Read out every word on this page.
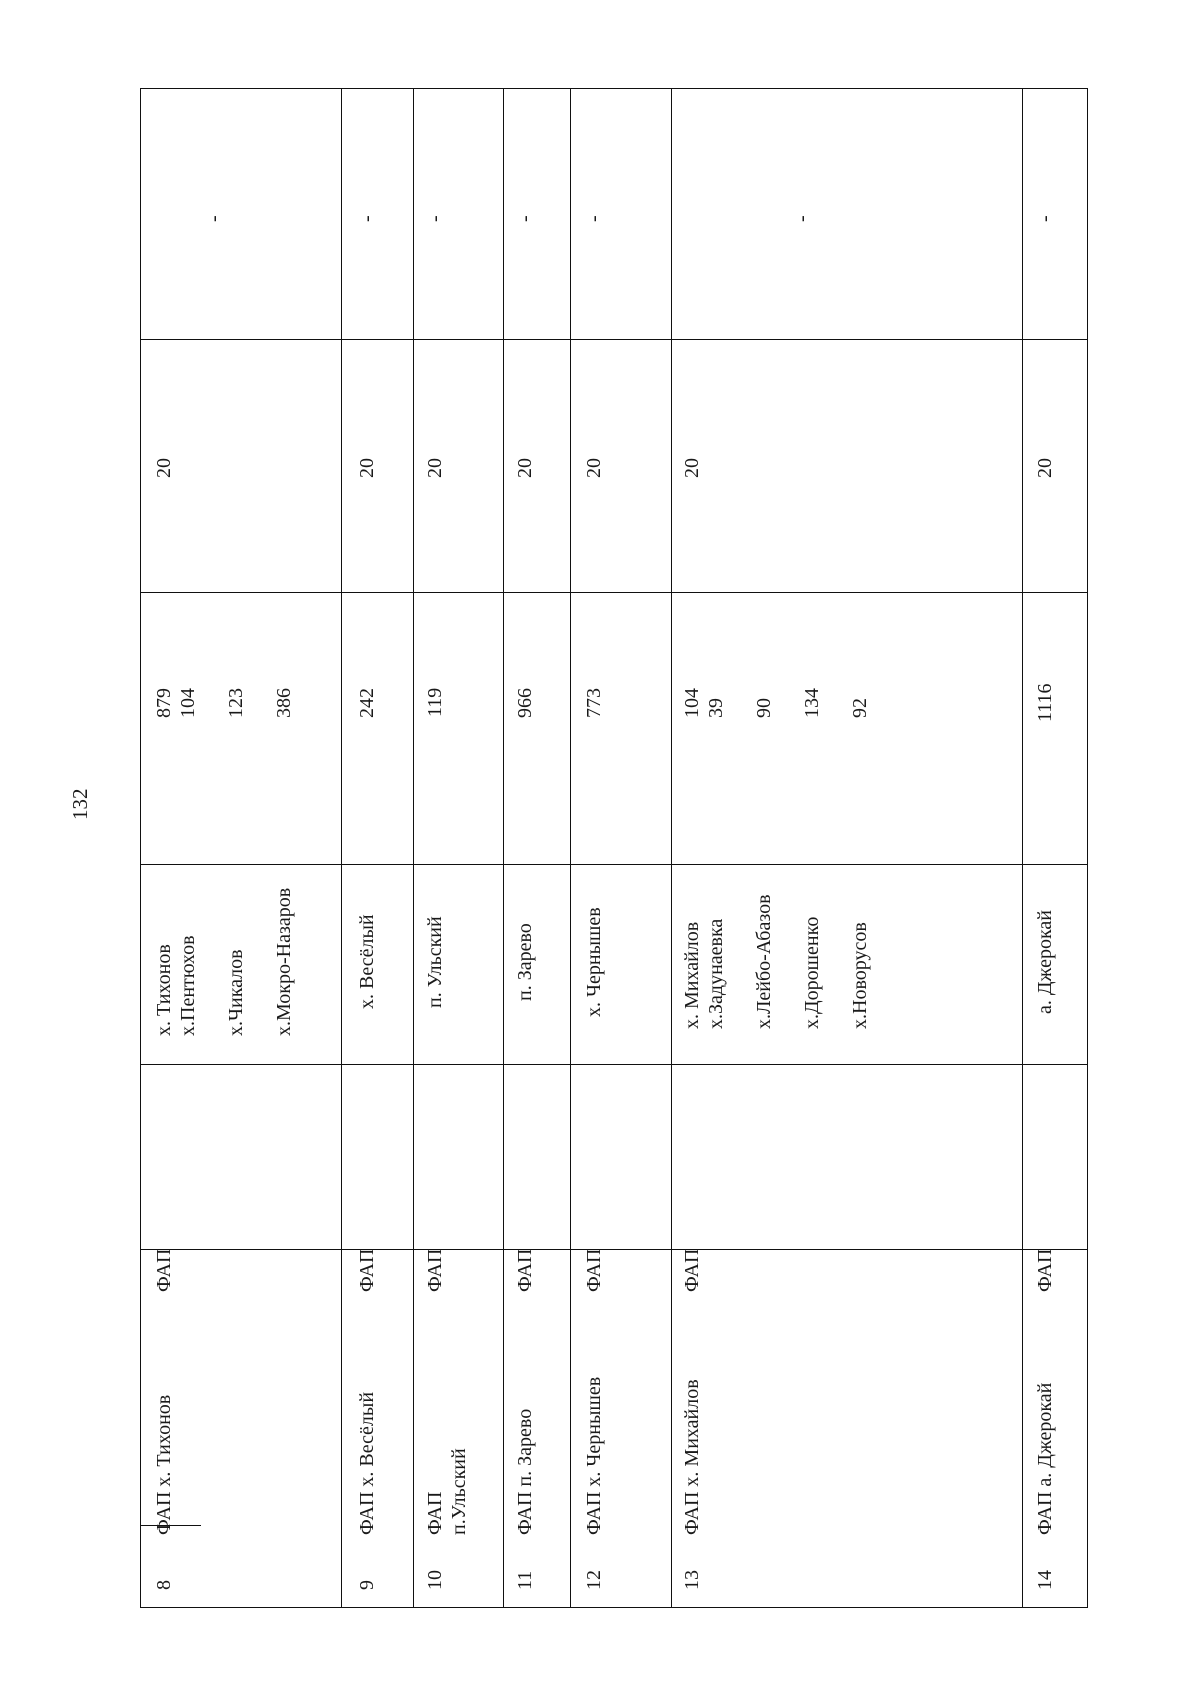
132
8
ФАП х. Тихонов
ФАП
х. Тихонов х.Пентюхов
х.Чикалов
х.Мокро-Назаров
879 104
123
386
20
-
9
ФАП х. Весёлый
ФАП
х. Весёлый
242
20
-
10
ФАП п.Ульский
ФАП
п. Ульский
119
20
-
11
ФАП п. Зарево
ФАП
п. Зарево
966
20
-
12
ФАП х. Чернышев
ФАП
х. Чернышев
773
20
-
13
ФАП х. Михайлов
ФАП
х. Михайлов х.Задунаевка
х.Лейбо-Абазов
х.Дорошенко
х.Новорусов
104 39
90
134
92
20
-
14
ФАП а. Джерокай
ФАП
а. Джерокай
1116
20
-
